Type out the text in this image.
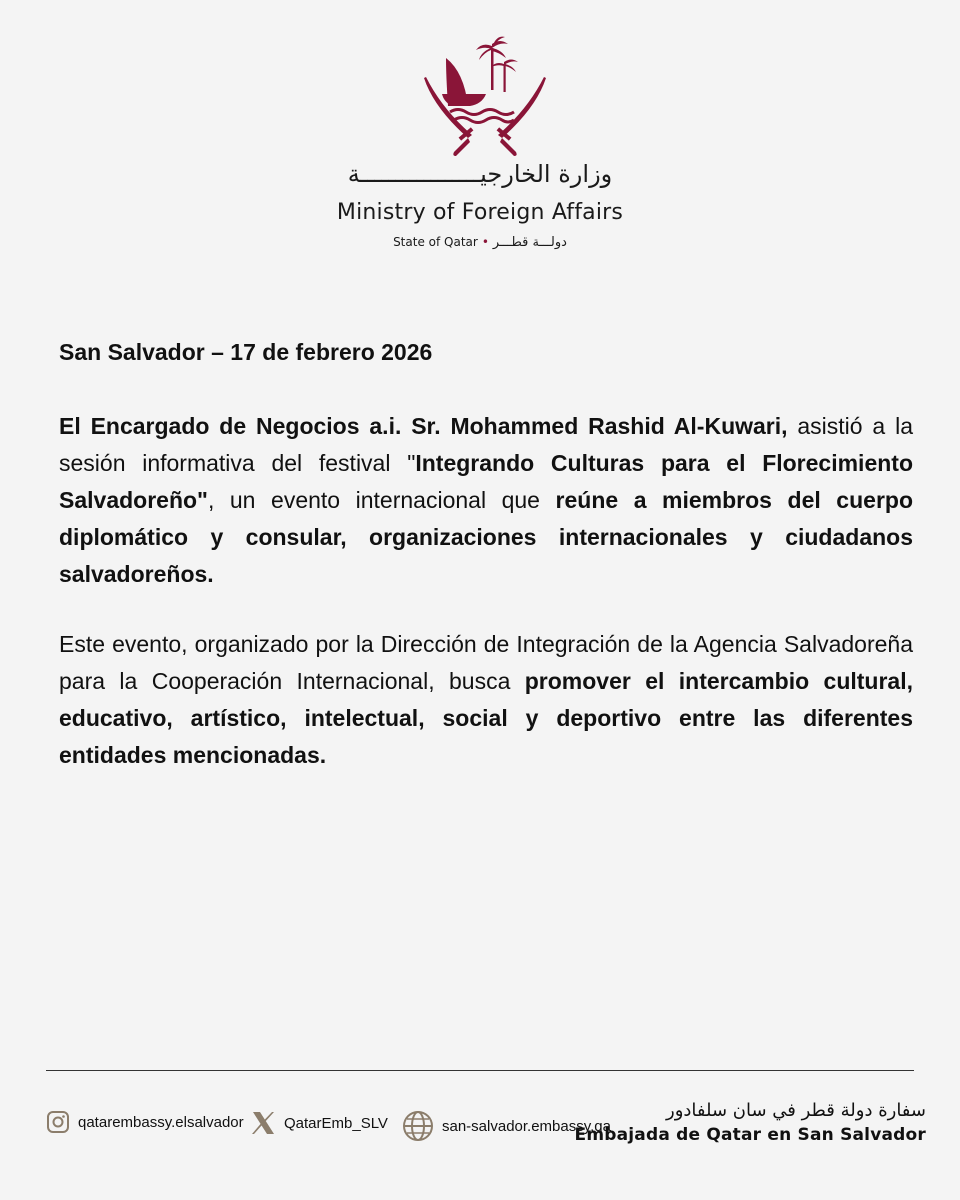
وزارة الخارجيـــــــــــــــــة
Ministry of Foreign Affairs
State of Qatar • دولـــة قطـــر
San Salvador – 17 de febrero 2026

El Encargado de Negocios a.i. Sr. Mohammed Rashid Al-Kuwari, asistió a la sesión informativa del festival "Integrando Culturas para el Florecimiento Salvadoreño", un evento internacional que reúne a miembros del cuerpo diplomático y consular, organizaciones internacionales y ciudadanos salvadoreños.

Este evento, organizado por la Dirección de Integración de la Agencia Salvadoreña para la Cooperación Internacional, busca promover el intercambio cultural, educativo, artístico, intelectual, social y deportivo entre las diferentes entidades mencionadas.

qatarembassy.elsalvador	QatarEmb_SLV	san-salvador.embassy.qa
سفارة دولة قطر في سان سلفادور
Embajada de Qatar en San Salvador
